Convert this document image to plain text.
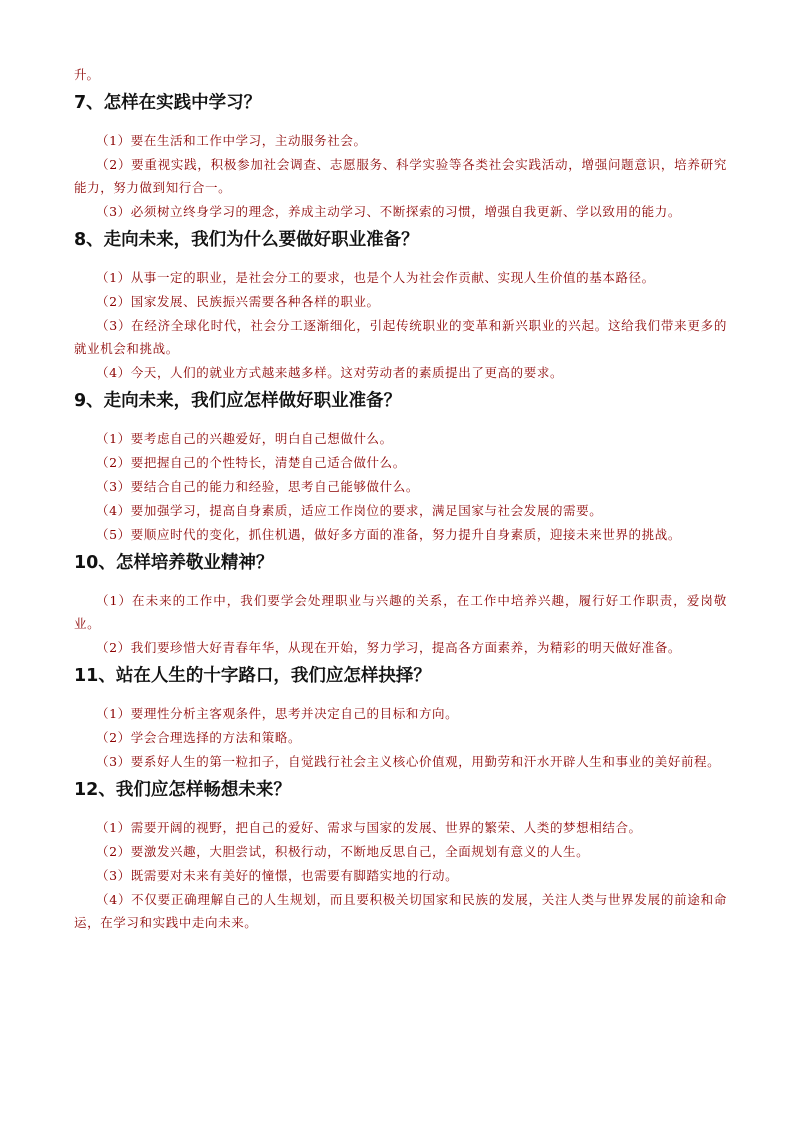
升。

7、怎样在实践中学习？

（1）要在生活和工作中学习，主动服务社会。

（2）要重视实践，积极参加社会调查、志愿服务、科学实验等各类社会实践活动，增强问题意识，培养研究能力，努力做到知行合一。

（3）必须树立终身学习的理念，养成主动学习、不断探索的习惯，增强自我更新、学以致用的能力。

8、走向未来，我们为什么要做好职业准备？

（1）从事一定的职业，是社会分工的要求，也是个人为社会作贡献、实现人生价值的基本路径。

（2）国家发展、民族振兴需要各种各样的职业。

（3）在经济全球化时代，社会分工逐渐细化，引起传统职业的变革和新兴职业的兴起。这给我们带来更多的就业机会和挑战。

（4）今天，人们的就业方式越来越多样。这对劳动者的素质提出了更高的要求。

9、走向未来，我们应怎样做好职业准备？

（1）要考虑自己的兴趣爱好，明白自己想做什么。

（2）要把握自己的个性特长，清楚自己适合做什么。

（3）要结合自己的能力和经验，思考自己能够做什么。

（4）要加强学习，提高自身素质，适应工作岗位的要求，满足国家与社会发展的需要。

（5）要顺应时代的变化，抓住机遇，做好多方面的准备，努力提升自身素质，迎接未来世界的挑战。

10、怎样培养敬业精神？

（1）在未来的工作中，我们要学会处理职业与兴趣的关系，在工作中培养兴趣，履行好工作职责，爱岗敬业。

（2）我们要珍惜大好青春年华，从现在开始，努力学习，提高各方面素养，为精彩的明天做好准备。

11、站在人生的十字路口，我们应怎样抉择？

（1）要理性分析主客观条件，思考并决定自己的目标和方向。

（2）学会合理选择的方法和策略。

（3）要系好人生的第一粒扣子，自觉践行社会主义核心价值观，用勤劳和汗水开辟人生和事业的美好前程。

12、我们应怎样畅想未来？

（1）需要开阔的视野，把自己的爱好、需求与国家的发展、世界的繁荣、人类的梦想相结合。

（2）要激发兴趣，大胆尝试，积极行动，不断地反思自己，全面规划有意义的人生。

（3）既需要对未来有美好的憧憬，也需要有脚踏实地的行动。

（4）不仅要正确理解自己的人生规划，而且要积极关切国家和民族的发展，关注人类与世界发展的前途和命运，在学习和实践中走向未来。
